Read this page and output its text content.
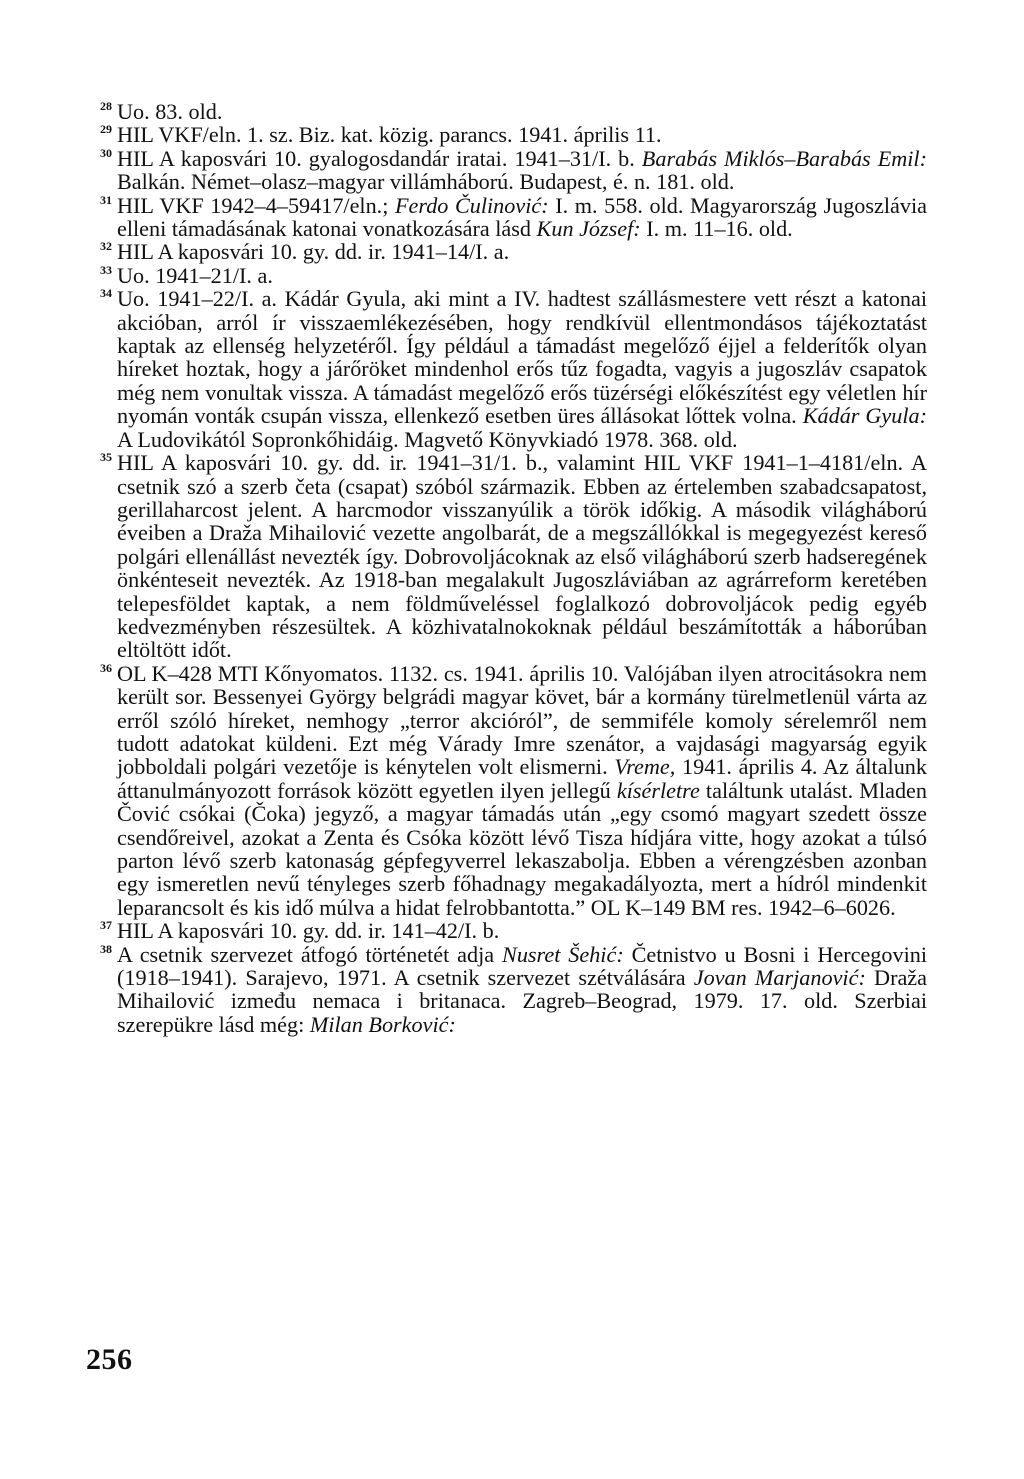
28 Uo. 83. old.

29 HIL VKF/eln. 1. sz. Biz. kat. közig. parancs. 1941. április 11.

30 HIL A kaposvári 10. gyalogosdandár iratai. 1941–31/I. b. Barabás Miklós–Barabás Emil: Balkán. Német–olasz–magyar villámháború. Budapest, é. n. 181. old.

31 HIL VKF 1942–4–59417/eln.; Ferdo Čulinović: I. m. 558. old. Magyarország Jugoszlávia elleni támadásának katonai vonatkozására lásd Kun József: I. m. 11–16. old.

32 HIL A kaposvári 10. gy. dd. ir. 1941–14/I. a.

33 Uo. 1941–21/I. a.

34 Uo. 1941–22/I. a. Kádár Gyula, aki mint a IV. hadtest szállásmestere vett részt a katonai akcióban, arról ír visszaemlékezésében, hogy rendkívül ellentmondásos tájékoztatást kaptak az ellenség helyzetéről. Így például a támadást megelőző éjjel a felderítők olyan híreket hoztak, hogy a járőröket mindenhol erős tűz fogadta, vagyis a jugoszláv csapatok még nem vonultak vissza. A támadást megelőző erős tüzérségi előkészítést egy véletlen hír nyomán vonták csupán vissza, ellenkező esetben üres állásokat lőttek volna. Kádár Gyula: A Ludovikától Sopronkőhidáig. Magvető Könyvkiadó 1978. 368. old.

35 HIL A kaposvári 10. gy. dd. ir. 1941–31/1. b., valamint HIL VKF 1941–1–4181/eln. A csetnik szó a szerb četa (csapat) szóból származik. Ebben az értelemben szabadcsapatost, gerillaharcost jelent. A harcmodor visszanyúlik a török időkig. A második világháború éveiben a Draža Mihailović vezette angolbarát, de a megszállókkal is megegyezést kereső polgári ellenállást nevezték így. Dobrovoljácoknak az első világháború szerb hadseregének önkénteseit nevezték. Az 1918-ban megalakult Jugoszláviában az agrárreform keretében telepesföldet kaptak, a nem földműveléssel foglalkozó dobrovoljácok pedig egyéb kedvezményben részesültek. A közhivatalnokoknak például beszámították a háborúban eltöltött időt.

36 OL K–428 MTI Kőnyomatos. 1132. cs. 1941. április 10. Valójában ilyen atrocitásokra nem került sor. Bessenyei György belgrádi magyar követ, bár a kormány türelmetlenül várta az erről szóló híreket, nemhogy „terror akcióról”, de semmiféle komoly sérelemről nem tudott adatokat küldeni. Ezt még Várady Imre szenátor, a vajdasági magyarság egyik jobboldali polgári vezetője is kénytelen volt elismerni. Vreme, 1941. április 4. Az általunk áttanulmányozott források között egyetlen ilyen jellegű kísérletre találtunk utalást. Mladen Čović csókai (Čoka) jegyző, a magyar támadás után „egy csomó magyart szedett össze csendőreivel, azokat a Zenta és Csóka között lévő Tisza hídjára vitte, hogy azokat a túlsó parton lévő szerb katonaság gépfegyverrel lekaszabolja. Ebben a vérengzésben azonban egy ismeretlen nevű tényleges szerb főhadnagy megakadályozta, mert a hídról mindenkit leparancsolt és kis idő múlva a hidat felrobbantotta.” OL K–149 BM res. 1942–6–6026.

37 HIL A kaposvári 10. gy. dd. ir. 141–42/I. b.

38 A csetnik szervezet átfogó történetét adja Nusret Šehić: Četnistvo u Bosni i Hercegovini (1918–1941). Sarajevo, 1971. A csetnik szervezet szétválására Jovan Marjanović: Draža Mihailović između nemaca i britanaca. Zagreb–Beograd, 1979. 17. old. Szerbiai szerepükre lásd még: Milan Borković:

256
